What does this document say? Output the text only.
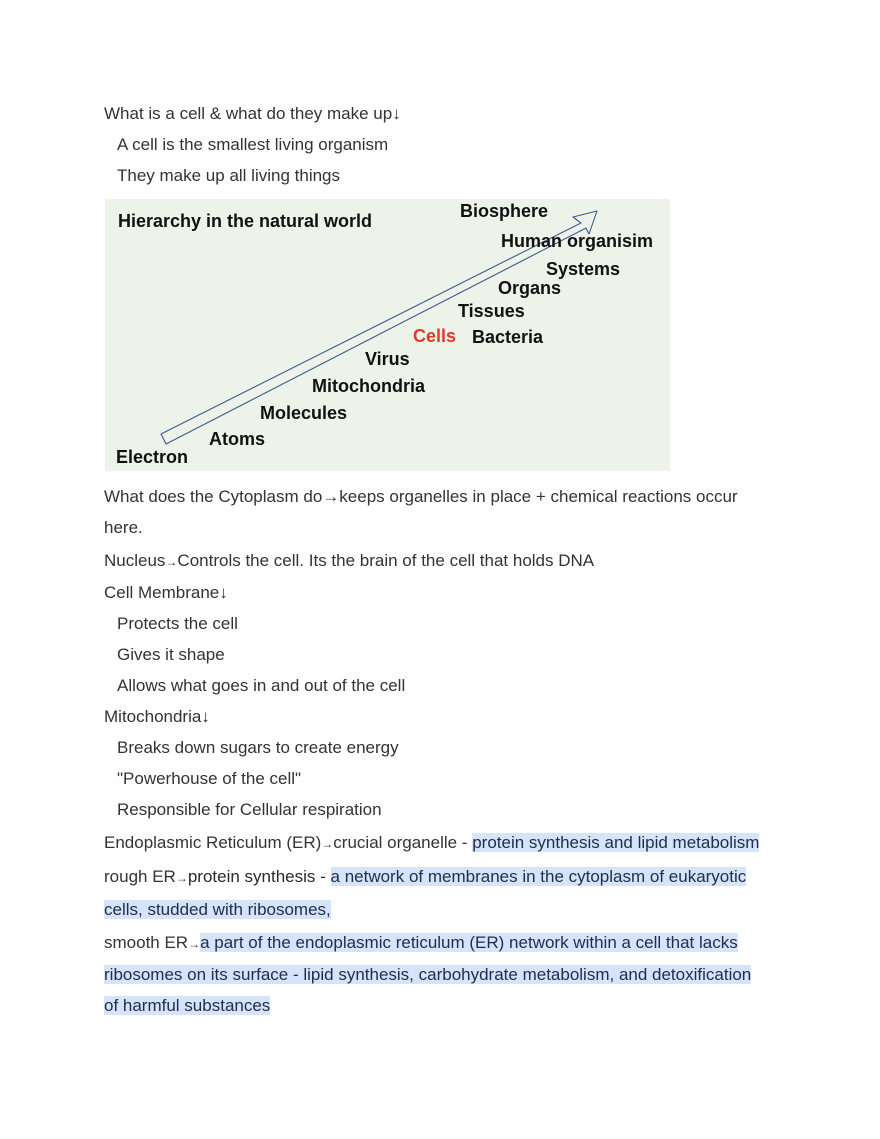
What is a cell & what do they make up↓
A cell is the smallest living organism
They make up all living things
Hierarchy in the natural world	Biosphere
Human organisim
Systems
Organs
Tissues
Cells Bacteria
Virus
Mitochondria
Molecules
Atoms
Electron
What does the Cytoplasm do→keeps organelles in place + chemical reactions occur
here.
Nucleus→Controls the cell. Its the brain of the cell that holds DNA
Cell Membrane↓
Protects the cell
Gives it shape
Allows what goes in and out of the cell
Mitochondria↓
Breaks down sugars to create energy
"Powerhouse of the cell"
Responsible for Cellular respiration
Endoplasmic Reticulum (ER)→crucial organelle - protein synthesis and lipid metabolism
rough ER→protein synthesis - a network of membranes in the cytoplasm of eukaryotic
cells, studded with ribosomes,
smooth ER→a part of the endoplasmic reticulum (ER) network within a cell that lacks
ribosomes on its surface - lipid synthesis, carbohydrate metabolism, and detoxification
of harmful substances
